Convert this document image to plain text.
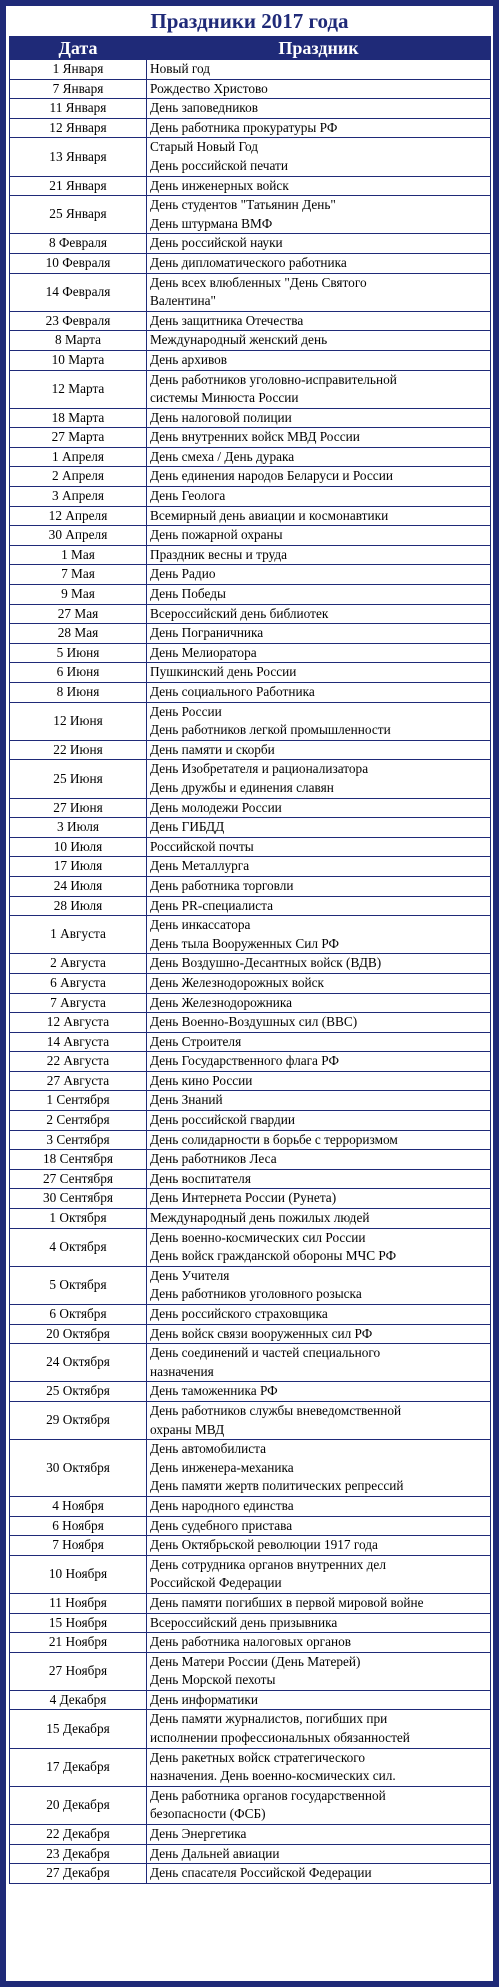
Праздники 2017 года
Дата	Праздник
1 Января	Новый год

7 Января	Рождество Христово

11 Января	День заповедников

12 Января	День работника прокуратуры РФ

13 Января	Старый Новый Год
День российской печати

21 Января	День инженерных войск

25 Января	День студентов "Татьянин День"
День штурмана ВМФ

8 Февраля	День российской науки

10 Февраля	День дипломатического работника

14 Февраля	День всех влюбленных "День Святого
Валентина"

23 Февраля	День защитника Отечества

8 Марта	Международный женский день

10 Марта	День архивов

12 Марта	День работников уголовно-исправительной
системы Минюста России

18 Марта	День налоговой полиции

27 Марта	День внутренних войск МВД России

1 Апреля	День смеха / День дурака

2 Апреля	День единения народов Беларуси и России

3 Апреля	День Геолога

12 Апреля	Всемирный день авиации и космонавтики

30 Апреля	День пожарной охраны

1 Мая	Праздник весны и труда

7 Мая	День Радио

9 Мая	День Победы

27 Мая	Всероссийский день библиотек

28 Мая	День Пограничника

5 Июня	День Мелиоратора

6 Июня	Пушкинский день России

8 Июня	День социального Работника

12 Июня	День России
День работников легкой промышленности

22 Июня	День памяти и скорби

25 Июня	День Изобретателя и рационализатора
День дружбы и единения славян

27 Июня	День молодежи России

3 Июля	День ГИБДД

10 Июля	Российской почты

17 Июля	День Металлурга

24 Июля	День работника торговли

28 Июля	День PR-специалиста

1 Августа	День инкассатора
День тыла Вооруженных Сил РФ

2 Августа	День Воздушно-Десантных войск (ВДВ)

6 Августа	День Железнодорожных войск

7 Августа	День Железнодорожника

12 Августа	День Военно-Воздушных сил (ВВС)

14 Августа	День Строителя

22 Августа	День Государственного флага РФ

27 Августа	День кино России

1 Сентября	День Знаний

2 Сентября	День российской гвардии

3 Сентября	День солидарности в борьбе с терроризмом

18 Сентября	День работников Леса

27 Сентября	День воспитателя

30 Сентября	День Интернета России (Рунета)

1 Октября	Международный день пожилых людей

4 Октября	День военно-космических сил России
День войск гражданской обороны МЧС РФ

5 Октября	День Учителя
День работников уголовного розыска

6 Октября	День российского страховщика

20 Октября	День войск связи вооруженных сил РФ

24 Октября	День соединений и частей специального
назначения

25 Октября	День таможенника РФ

29 Октября	День работников службы вневедомственной
охраны МВД

30 Октября	День автомобилиста
День инженера-механика
День памяти жертв политических репрессий

4 Ноября	День народного единства

6 Ноября	День судебного пристава

7 Ноября	День Октябрьской революции 1917 года

10 Ноября	День сотрудника органов внутренних дел
Российской Федерации

11 Ноября	День памяти погибших в первой мировой войне

15 Ноября	Всероссийский день призывника

21 Ноября	День работника налоговых органов

27 Ноября	День Матери России (День Матерей)
День Морской пехоты

4 Декабря	День информатики

15 Декабря	День памяти журналистов, погибших при
исполнении профессиональных обязанностей

17 Декабря	День ракетных войск стратегического
назначения. День военно-космических сил.

20 Декабря	День работника органов государственной
безопасности (ФСБ)

22 Декабря	День Энергетика

23 Декабря	День Дальней авиации

27 Декабря	День спасателя Российской Федерации
